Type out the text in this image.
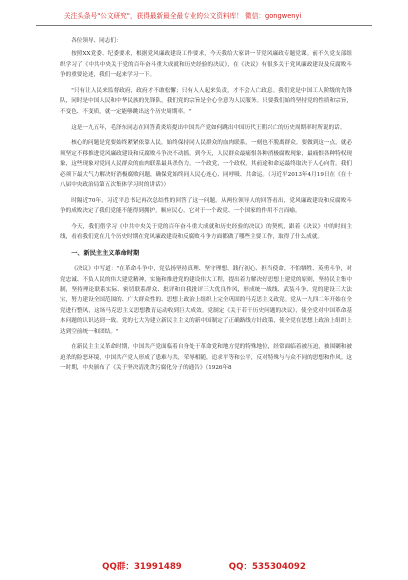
关注头条号"公文研究"，获得最新最全最专业的公文资料库！ 微信：gongwenyi

各位领导、同志们：

按照XX党委、纪委要求，根据党风廉政建设工作要求，今天我给大家讲一节党风廉政专题党课。前不久党支部组织学习了《中共中央关于党的百年奋斗重大成就和历史经验的决议》，在《决议》有很多关于党风廉政建设及反腐败斗争的重要论述，我们一起来学习一下。

"只有让人民来监督政府，政府才不敢松懈；只有人人起来负责，才不会人亡政息。我们党是中国工人阶级的先锋队，同时是中国人民和中华民族的先锋队，我们党的宗旨是全心全意为人民服务。只要我们始终坚持党的性质和宗旨，不变色、不变质，就一定能够跳出这个历史周期率。"

这是一九五年，毛泽东同志在回答黄炎培提出中国共产党如何跳出中国历代王朝兴亡的历史周期率时所说的话。

核心的问题是党要始终紧紧依靠人民，始终保持同人民群众的血肉联系，一刻也不脱离群众。要做到这一点，就必须坚定不移推进党风廉政建设和反腐败斗争决不动摇。到今天，人民群众最痛恨各种消极腐败现象，最痛恨各种特权现象，这些现象对党同人民群众的血肉联系最具杀伤力。一个政党，一个政权，其前途和命运最终取决于人心向背。我们必须下最大气力解决好消极腐败问题，确保党始终同人民心连心、同呼吸、共命运。（习近平2013年4月19日在《在十八届中央政治局第五次集体学习时的讲话》）

时隔近70年，习近平总书记再次总结性的回答了这一问题。从两位领导人的回答看出，党风廉政建设和反腐败斗争的成败决定了我们党能不能得到拥护，顺应民心，它对于一个政党、一个国家的作用不言而喻。

今天，我们借学习《中共中央关于党的百年奋斗重大成就和历史经验的决议》的契机，跟着《决议》中的时间主线，看看我们党在几个历史时期在党风廉政建设和反腐败斗争方面都做了哪些主要工作，取得了什么成就。

一、新民主主义革命时期

《决议》中写道："在革命斗争中，党弘扬坚持真理、坚守理想，践行初心、担当使命，不怕牺牲、英勇斗争，对党忠诚、不负人民的伟大建党精神，实施和推进党的建设伟大工程，提出着力解决好思想上建党的原则，坚持民主集中制，坚持理论联系实际、密切联系群众、批评和自我批评三大优良作风，形成统一战线、武装斗争、党的建设三大法宝，努力建设全国范围的、广大群众性的、思想上政治上组织上完全巩固的马克思主义政党。党从一九四二年开始在全党进行整风，这场马克思主义思想教育运动收到巨大成效。党制定《关于若干历史问题的决议》，使全党对中国革命基本问题的认识达到一致。党的七大为建立新民主主义的新中国制定了正确路线方针政策，使全党在思想上政治上组织上达到空前统一和团结。"

在新民主主义革命时期，中国共产党面临着自身处于革命党和地方党的特殊地位，经常面临着被压迫，被围剿和被迫杀的险恶环境，中国共产党人形成了患难与共，荣辱相随，追求平等和公平，反对特殊与与众不同的思想和作风。这一时期，中央颁布了《关于坚决清洗贪污腐化分子的通告》（1926年8

QQ群：31991489	QQ：535304092
